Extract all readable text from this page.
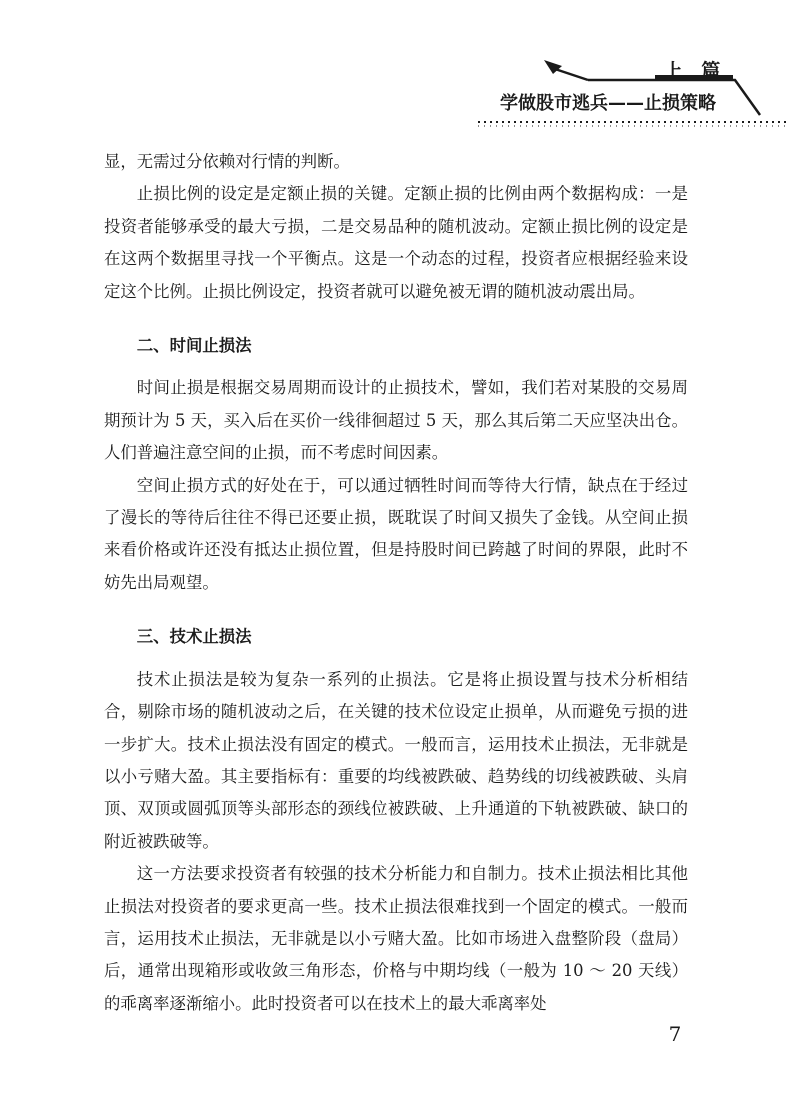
上 篇
学做股市逃兵——止损策略

显，无需过分依赖对行情的判断。

止损比例的设定是定额止损的关键。定额止损的比例由两个数据构成：一是投资者能够承受的最大亏损，二是交易品种的随机波动。定额止损比例的设定是在这两个数据里寻找一个平衡点。这是一个动态的过程，投资者应根据经验来设定这个比例。止损比例设定，投资者就可以避免被无谓的随机波动震出局。

二、时间止损法

时间止损是根据交易周期而设计的止损技术，譬如，我们若对某股的交易周期预计为 5 天，买入后在买价一线徘徊超过 5 天，那么其后第二天应坚决出仓。人们普遍注意空间的止损，而不考虑时间因素。

空间止损方式的好处在于，可以通过牺牲时间而等待大行情，缺点在于经过了漫长的等待后往往不得已还要止损，既耽误了时间又损失了金钱。从空间止损来看价格或许还没有抵达止损位置，但是持股时间已跨越了时间的界限，此时不妨先出局观望。

三、技术止损法

技术止损法是较为复杂一系列的止损法。它是将止损设置与技术分析相结合，剔除市场的随机波动之后，在关键的技术位设定止损单，从而避免亏损的进一步扩大。技术止损法没有固定的模式。一般而言，运用技术止损法，无非就是以小亏赌大盈。其主要指标有：重要的均线被跌破、趋势线的切线被跌破、头肩顶、双顶或圆弧顶等头部形态的颈线位被跌破、上升通道的下轨被跌破、缺口的附近被跌破等。

这一方法要求投资者有较强的技术分析能力和自制力。技术止损法相比其他止损法对投资者的要求更高一些。技术止损法很难找到一个固定的模式。一般而言，运用技术止损法，无非就是以小亏赌大盈。比如市场进入盘整阶段（盘局）后，通常出现箱形或收敛三角形态，价格与中期均线（一般为 10 ～ 20 天线）的乖离率逐渐缩小。此时投资者可以在技术上的最大乖离率处

7
